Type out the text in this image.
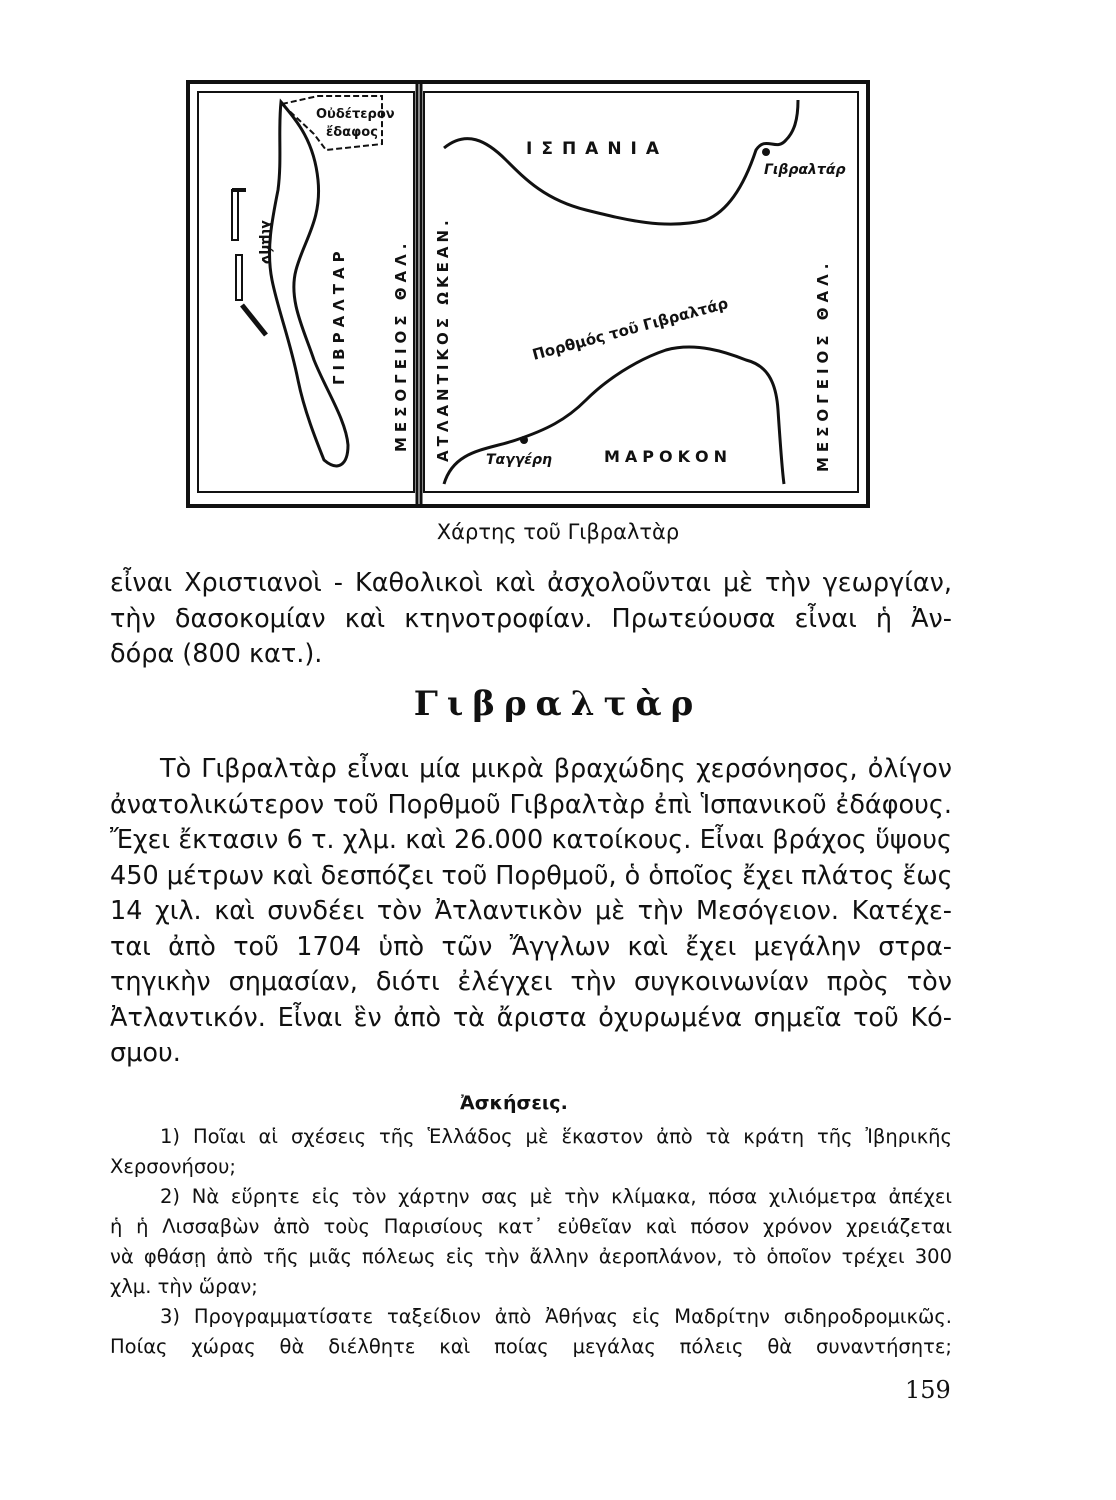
Οὐδέτερον
ἔδαφος
λιμήν
ΓΙΒΡΑΛΤΑΡ	ΜΕΣΟΓΕΙΟΣ ΘΑΛ. ΑΤΛΑΝΤΙΚΟΣ ΩΚΕΑΝ.
ΙΣΠΑΝΙΑ
Γιβραλτάρ
Πορθμός τοῦ Γιβραλτάρ
Ταγγέρη	ΜΑΡΟΚΟΝ	ΜΕΣΟΓΕΙΟΣ ΘΑΛ.
Χάρτης τοῦ Γιβραλτὰρ
εἶναι Χριστιανοὶ - Καθολικοὶ καὶ ἀσχολοῦνται μὲ τὴν γεωργίαν,
τὴν δασοκομίαν καὶ κτηνοτροφίαν. Πρωτεύουσα εἶναι ἡ Ἀν-
δόρα (800 κατ.).
Γιβραλτὰρ
Τὸ Γιβραλτὰρ εἶναι μία μικρὰ βραχώδης χερσόνησος, ὀλίγον
ἀνατολικώτερον τοῦ Πορθμοῦ Γιβραλτὰρ ἐπὶ Ἱσπανικοῦ ἐδάφους.
Ἔχει ἔκτασιν 6 τ. χλμ. καὶ 26.000 κατοίκους. Εἶναι βράχος ὕψους
450 μέτρων καὶ δεσπόζει τοῦ Πορθμοῦ, ὁ ὁποῖος ἔχει πλάτος ἕως
14 χιλ. καὶ συνδέει τὸν Ἀτλαντικὸν μὲ τὴν Μεσόγειον. Κατέχε-
ται ἀπὸ τοῦ 1704 ὑπὸ τῶν Ἄγγλων καὶ ἔχει μεγάλην στρα-
τηγικὴν σημασίαν, διότι ἐλέγχει τὴν συγκοινωνίαν πρὸς τὸν
Ἀτλαντικόν. Εἶναι ἓν ἀπὸ τὰ ἄριστα ὀχυρωμένα σημεῖα τοῦ Κό-
σμου.
Ἀσκήσεις.
1) Ποῖαι αἱ σχέσεις τῆς Ἑλλάδος μὲ ἕκαστον ἀπὸ τὰ κράτη τῆς Ἰβηρικῆς
Χερσονήσου;
2) Νὰ εὕρητε εἰς τὸν χάρτην σας μὲ τὴν κλίμακα, πόσα χιλιόμετρα ἀπέχει
ἡ ἡ Λισσαβὼν ἀπὸ τοὺς Παρισίους κατ᾽ εὐθεῖαν καὶ πόσον χρόνον χρειάζεται
νὰ φθάσῃ ἀπὸ τῆς μιᾶς πόλεως εἰς τὴν ἄλλην ἀεροπλάνον, τὸ ὁποῖον τρέχει 300
χλμ. τὴν ὥραν;
3) Προγραμματίσατε ταξείδιον ἀπὸ Ἀθήνας εἰς Μαδρίτην σιδηροδρομικῶς.
Ποίας χώρας θὰ διέλθητε καὶ ποίας μεγάλας πόλεις θὰ συναντήσητε;
159
